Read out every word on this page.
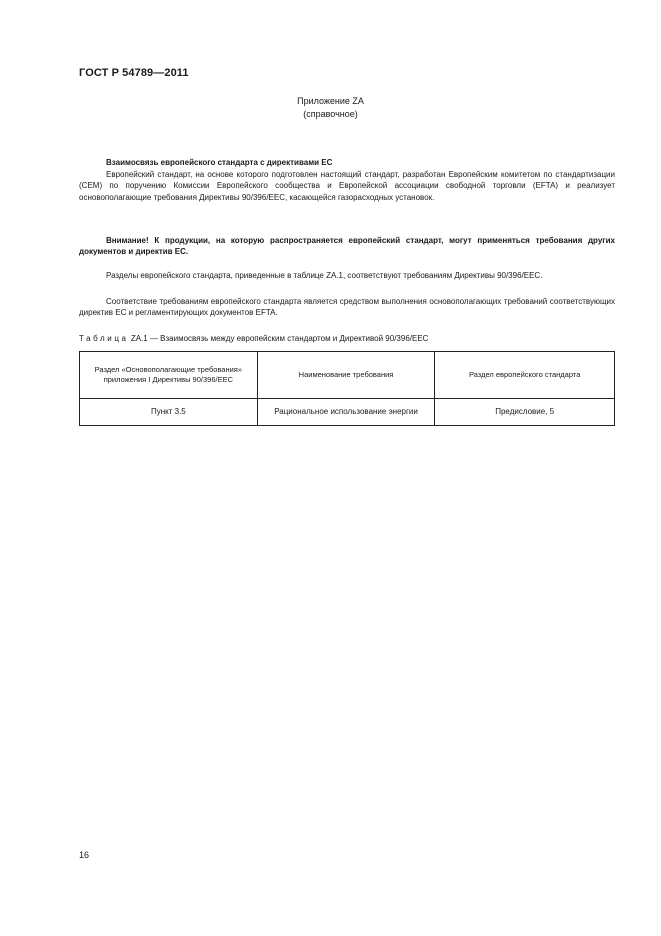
ГОСТ Р 54789—2011
Приложение ZA
(справочное)
Взаимосвязь европейского стандарта с директивами ЕС
Европейский стандарт, на основе которого подготовлен настоящий стандарт, разработан Европейским комитетом по стандартизации (CEM) по поручению Комиссии Европейского сообщества и Европейской ассоциации свободной торговли (EFTA) и реализует основополагающие требования Директивы 90/396/EEC, касающейся газорасходных установок.
Внимание! К продукции, на которую распространяется европейский стандарт, могут применяться требования других документов и директив ЕС.
Разделы европейского стандарта, приведенные в таблице ZA.1, соответствуют требованиям Директивы 90/396/EEC.
Соответствие требованиям европейского стандарта является средством выполнения основополагающих требований соответствующих директив ЕС и регламентирующих документов EFTA.
Таблица ZA.1 — Взаимосвязь между европейским стандартом и Директивой 90/396/EEC
Раздел «Основополагающие требования» приложения I Директивы 90/396/EEC	Наименование требования	Раздел европейского стандарта
Пункт 3.5	Рациональное использование энергии	Предисловие, 5
16
